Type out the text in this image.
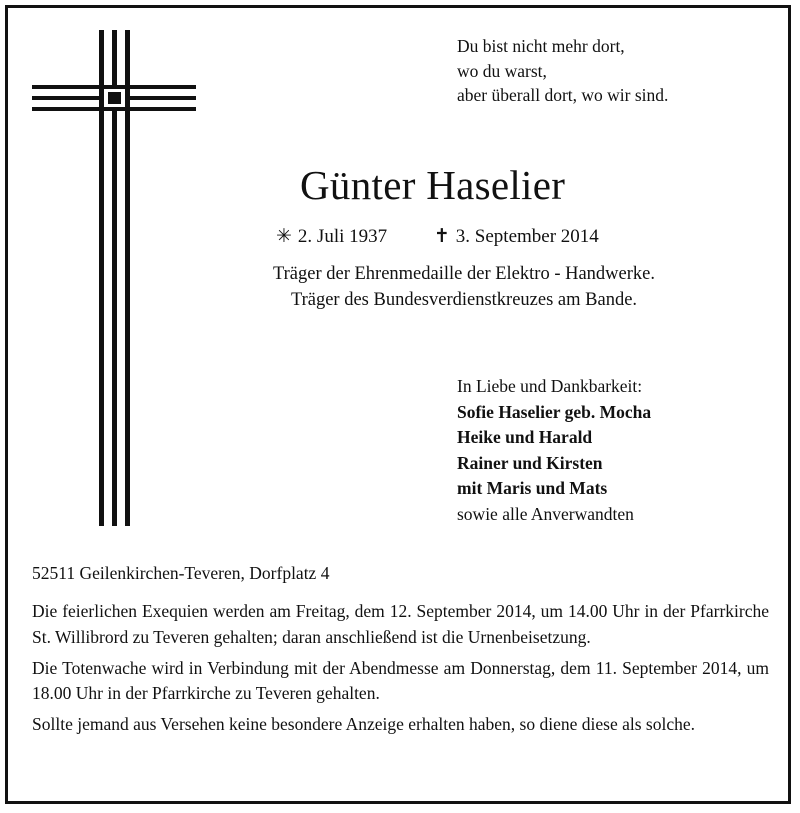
Du bist nicht mehr dort,
wo du warst,
aber überall dort, wo wir sind.
Günter Haselier
✳ 2. Juli 1937 ✝ 3. September 2014
Träger der Ehrenmedaille der Elektro - Handwerke.
Träger des Bundesverdienstkreuzes am Bande.
In Liebe und Dankbarkeit:
Sofie Haselier geb. Mocha
Heike und Harald
Rainer und Kirsten
mit Maris und Mats
sowie alle Anverwandten
52511 Geilenkirchen-Teveren, Dorfplatz 4

Die feierlichen Exequien werden am Freitag, dem 12. September 2014, um 14.00 Uhr in der Pfarrkirche St. Willibrord zu Teveren gehalten; daran anschließend ist die Urnenbeisetzung.

Die Totenwache wird in Verbindung mit der Abendmesse am Donnerstag, dem 11. September 2014, um 18.00 Uhr in der Pfarrkirche zu Teveren gehalten.

Sollte jemand aus Versehen keine besondere Anzeige erhalten haben, so diene diese als solche.
